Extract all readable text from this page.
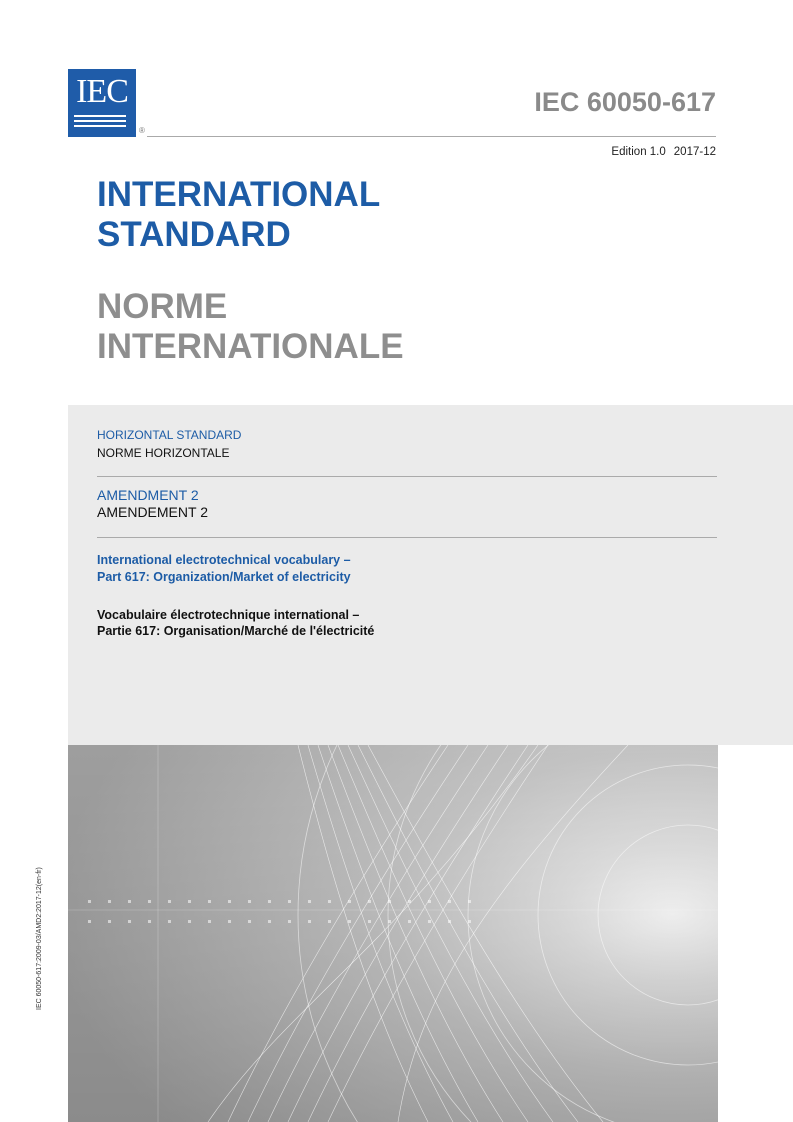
IEC
®
IEC 60050-617
Edition 1.0 2017-12
INTERNATIONAL
STANDARD
NORME
INTERNATIONALE
HORIZONTAL STANDARD
NORME HORIZONTALE
AMENDMENT 2
AMENDEMENT 2
International electrotechnical vocabulary –
Part 617: Organization/Market of electricity
Vocabulaire électrotechnique international –
Partie 617: Organisation/Marché de l'électricité
IEC 60050-617:2009-03/AMD2:2017-12(en-fr)
